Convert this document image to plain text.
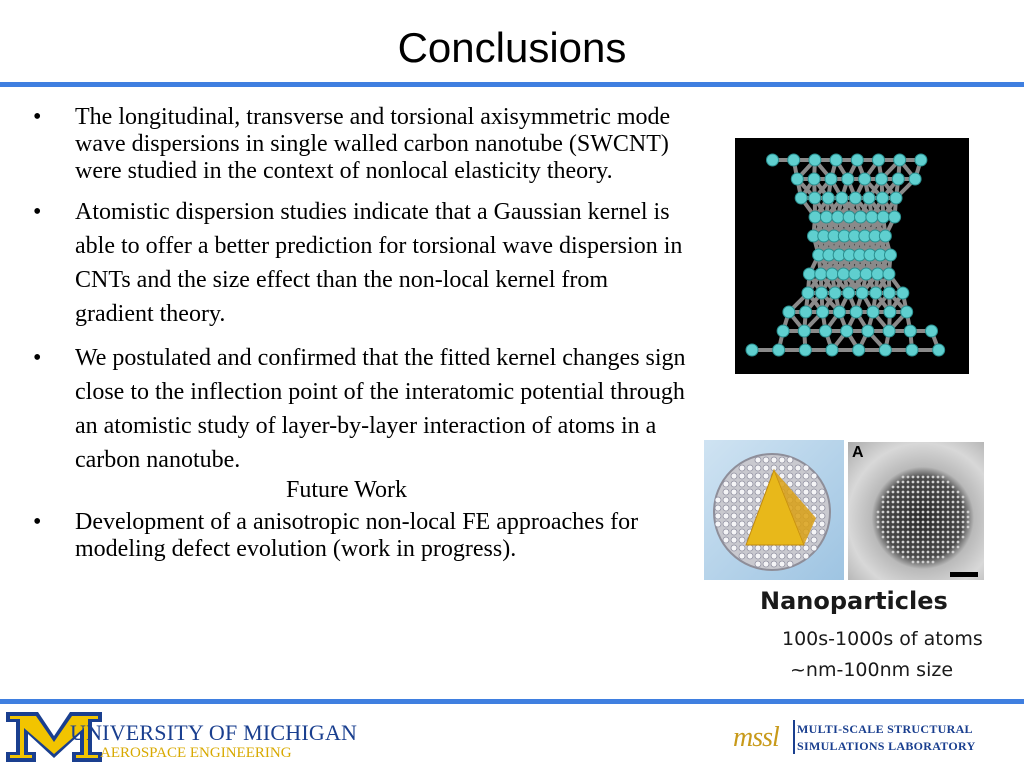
Conclusions
• The longitudinal, transverse and torsional axisymmetric mode wave dispersions in single walled carbon nanotube (SWCNT) were studied in the context of nonlocal elasticity theory.
• Atomistic dispersion studies indicate that a Gaussian kernel is able to offer a better prediction for torsional wave dispersion in CNTs and the size effect than the non-local kernel from gradient theory.
• We postulated and confirmed that the fitted kernel changes sign close to the inflection point of the interatomic potential through an atomistic study of layer-by-layer interaction of atoms in a carbon nanotube.
Future Work
• Development of a anisotropic non-local FE approaches for modeling defect evolution (work in progress).
A
Nanoparticles
100s-1000s of atoms
~nm-100nm size
UNIVERSITY OF MICHIGAN
AEROSPACE ENGINEERING	mssl MULTI-SCALE STRUCTURAL
SIMULATIONS LABORATORY
